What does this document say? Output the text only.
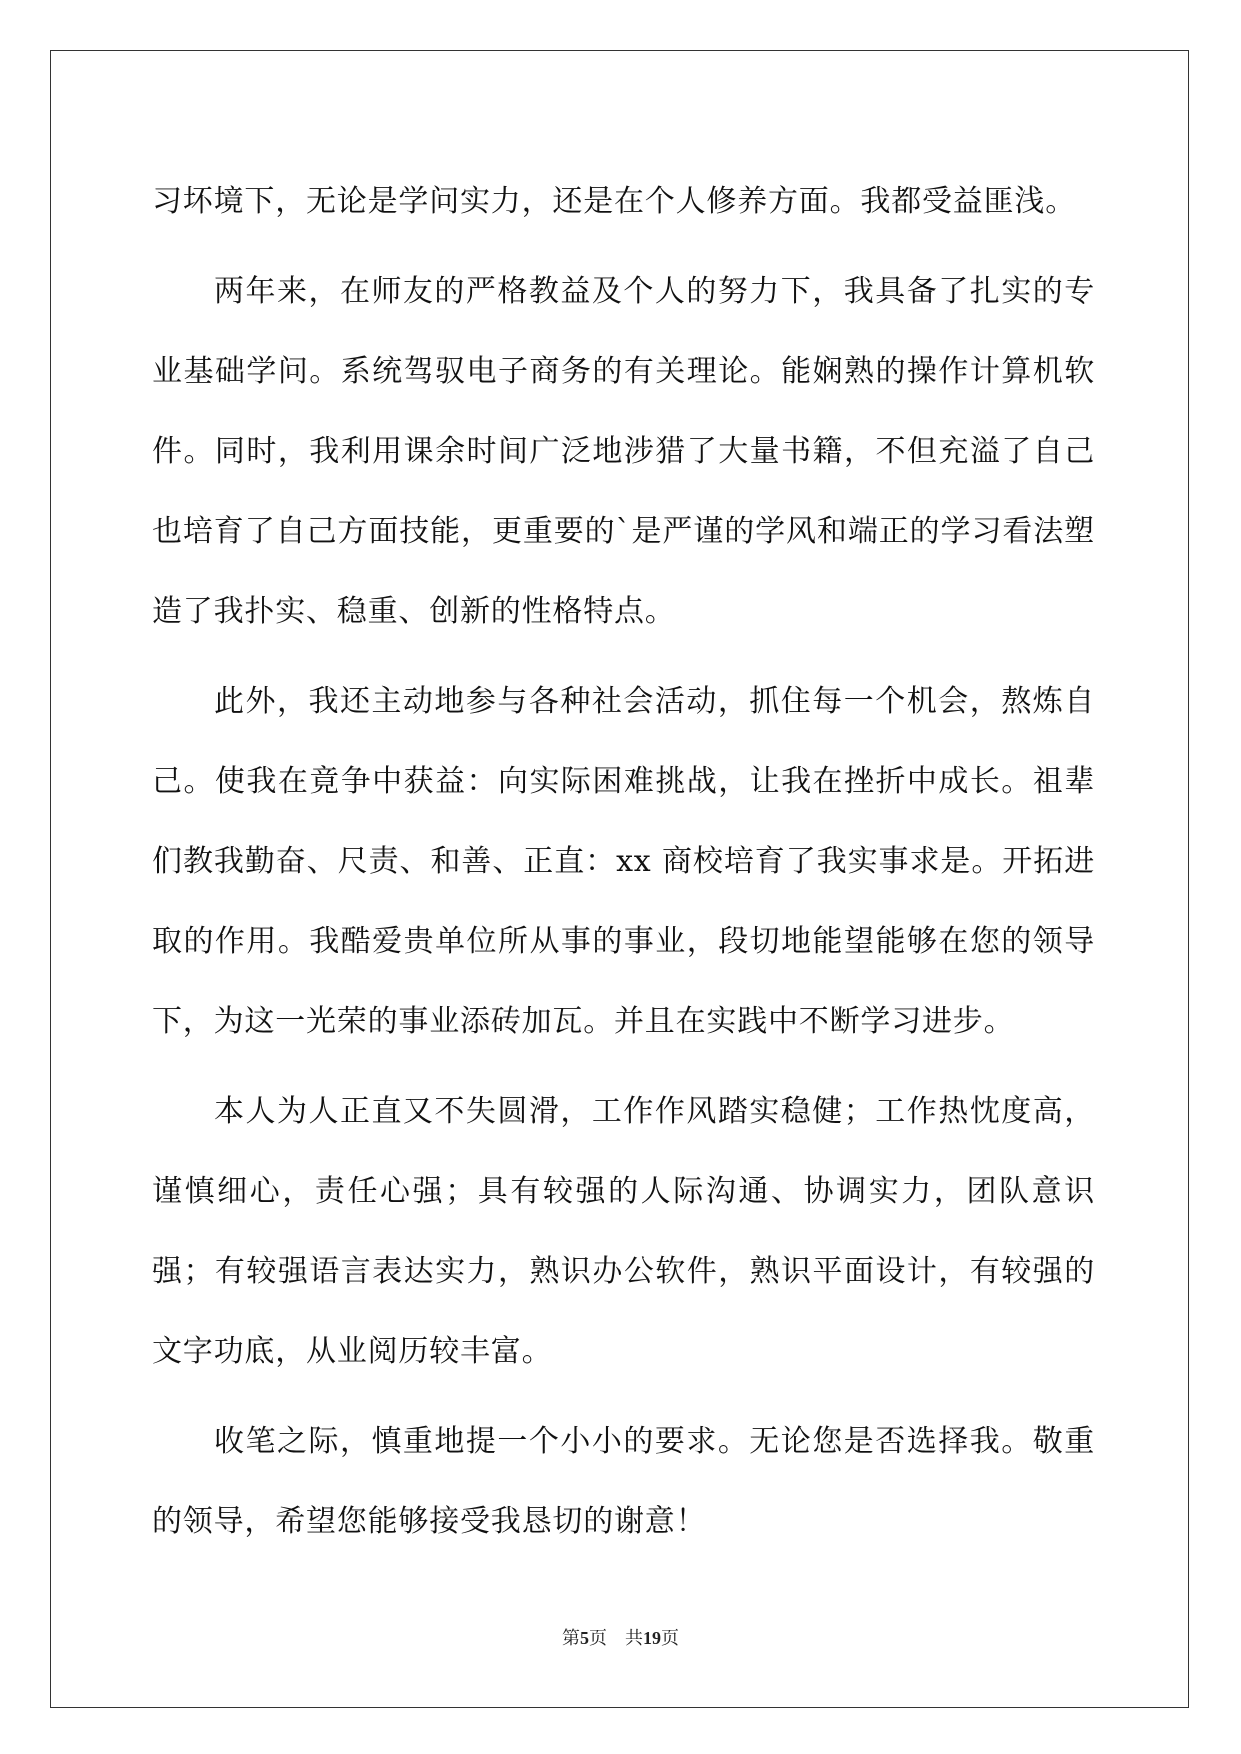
习坏境下，无论是学问实力，还是在个人修养方面。我都受益匪浅。

两年来，在师友的严格教益及个人的努力下，我具备了扎实的专业基础学问。系统驾驭电子商务的有关理论。能娴熟的操作计算机软件。同时，我利用课余时间广泛地涉猎了大量书籍，不但充溢了自己也培育了自己方面技能，更重要的`是严谨的学风和端正的学习看法塑造了我扑实、稳重、创新的性格特点。

此外，我还主动地参与各种社会活动，抓住每一个机会，熬炼自己。使我在竟争中获益：向实际困难挑战，让我在挫折中成长。祖辈们教我勤奋、尺责、和善、正直：xx 商校培育了我实事求是。开拓进取的作用。我酷爱贵单位所从事的事业，段切地能望能够在您的领导下，为这一光荣的事业添砖加瓦。并且在实践中不断学习进步。

本人为人正直又不失圆滑，工作作风踏实稳健；工作热忱度高，谨慎细心，责任心强；具有较强的人际沟通、协调实力，团队意识强；有较强语言表达实力，熟识办公软件，熟识平面设计，有较强的文字功底，从业阅历较丰富。

收笔之际，慎重地提一个小小的要求。无论您是否选择我。敬重的领导，希望您能够接受我恳切的谢意！

第5页 共19页
